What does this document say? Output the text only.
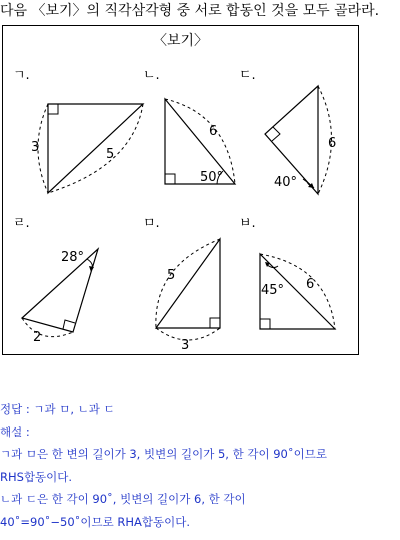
다음 〈보기〉의 직각삼각형 중 서로 합동인 것을 모두 골라라.
〈보기〉
ㄱ.	ㄴ.	ㄷ.
ㄹ.	ㅁ.	ㅂ.
3	5
6
50°
6
40°
28°
2
5
3
45° 6
정답 : ㄱ과 ㅁ, ㄴ과 ㄷ
해설 :
ㄱ과 ㅁ은 한 변의 길이가 3, 빗변의 길이가 5, 한 각이 90˚이므로
RHS합동이다.
ㄴ과 ㄷ은 한 각이 90˚, 빗변의 길이가 6, 한 각이
40˚=90˚−50˚이므로 RHA합동이다.
